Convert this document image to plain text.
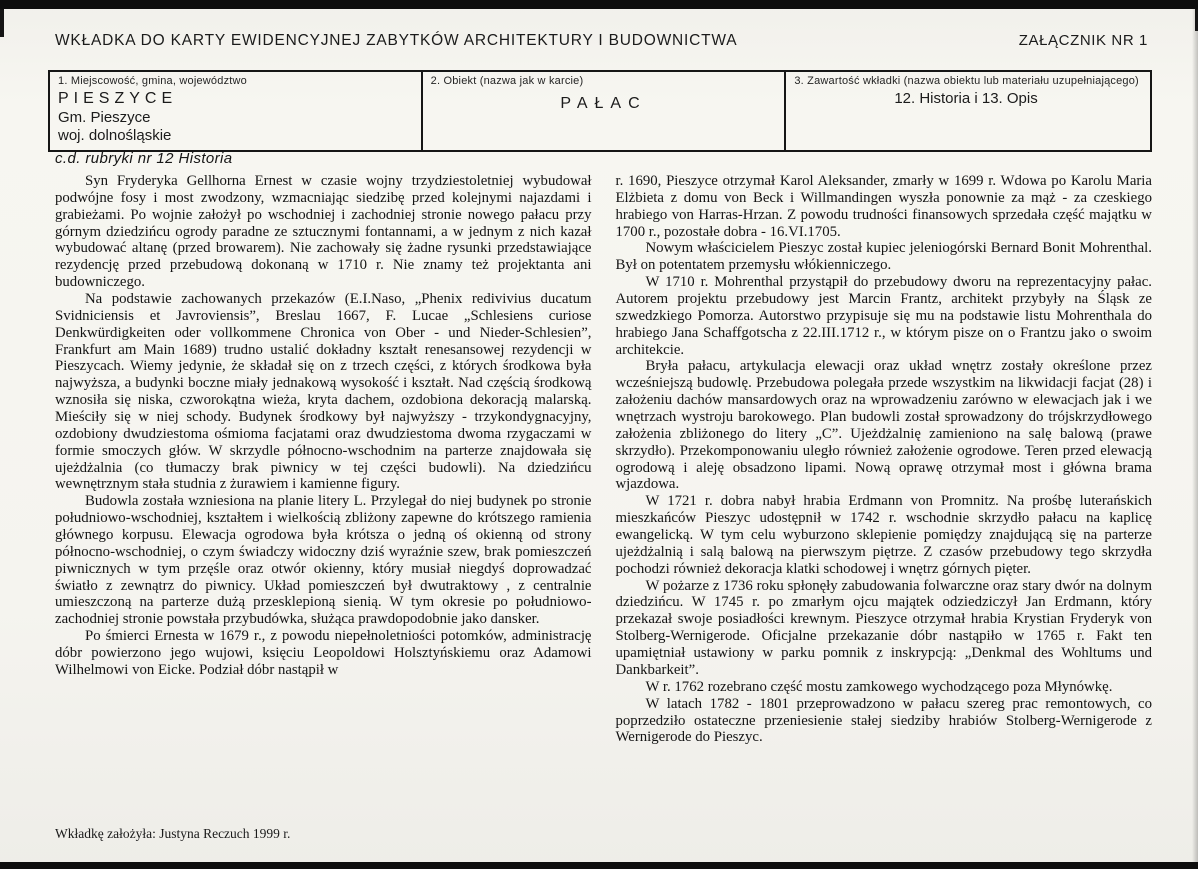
WKŁADKA DO KARTY EWIDENCYJNEJ ZABYTKÓW ARCHITEKTURY I BUDOWNICTWA	ZAŁĄCZNIK NR 1
1. Miejscowość, gmina, województwo
PIESZYCE
Gm. Pieszyce
woj. dolnośląskie
2. Obiekt (nazwa jak w karcie)
PAŁAC
3. Zawartość wkładki (nazwa obiektu lub materiału uzupełniającego)
12. Historia i 13. Opis
c.d. rubryki nr 12 Historia

Syn Fryderyka Gellhorna Ernest w czasie wojny trzydziestoletniej wybudował podwójne fosy i most zwodzony, wzmacniając siedzibę przed kolejnymi najazdami i grabieżami. Po wojnie założył po wschodniej i zachodniej stronie nowego pałacu przy górnym dziedzińcu ogrody paradne ze sztucznymi fontannami, a w jednym z nich kazał wybudować altanę (przed browarem). Nie zachowały się żadne rysunki przedstawiające rezydencję przed przebudową dokonaną w 1710 r. Nie znamy też projektanta ani budowniczego.

Na podstawie zachowanych przekazów (E.I.Naso, „Phenix redivivius ducatum Svidniciensis et Javroviensis”, Breslau 1667, F. Lucae „Schlesiens curiose Denkwürdigkeiten oder vollkommene Chronica von Ober - und Nieder-Schlesien”, Frankfurt am Main 1689) trudno ustalić dokładny kształt renesansowej rezydencji w Pieszycach. Wiemy jedynie, że składał się on z trzech części, z których środkowa była najwyższa, a budynki boczne miały jednakową wysokość i kształt. Nad częścią środkową wznosiła się niska, czworokątna wieża, kryta dachem, ozdobiona dekoracją malarską. Mieściły się w niej schody. Budynek środkowy był najwyższy - trzykondygnacyjny, ozdobiony dwudziestoma ośmioma facjatami oraz dwudziestoma dwoma rzygaczami w formie smoczych głów. W skrzydle północno-wschodnim na parterze znajdowała się ujeżdżalnia (co tłumaczy brak piwnicy w tej części budowli). Na dziedzińcu wewnętrznym stała studnia z żurawiem i kamienne figury.

Budowla została wzniesiona na planie litery L. Przylegał do niej budynek po stronie południowo-wschodniej, kształtem i wielkością zbliżony zapewne do krótszego ramienia głównego korpusu. Elewacja ogrodowa była krótsza o jedną oś okienną od strony północno-wschodniej, o czym świadczy widoczny dziś wyraźnie szew, brak pomieszczeń piwnicznych w tym przęśle oraz otwór okienny, który musiał niegdyś doprowadzać światło z zewnątrz do piwnicy. Układ pomieszczeń był dwutraktowy , z centralnie umieszczoną na parterze dużą przesklepioną sienią. W tym okresie po południowo-zachodniej stronie powstała przybudówka, służąca prawdopodobnie jako dansker.

Po śmierci Ernesta w 1679 r., z powodu niepełnoletniości potomków, administrację dóbr powierzono jego wujowi, księciu Leopoldowi Holsztyńskiemu oraz Adamowi Wilhelmowi von Eicke. Podział dóbr nastąpił w

r. 1690, Pieszyce otrzymał Karol Aleksander, zmarły w 1699 r. Wdowa po Karolu Maria Elżbieta z domu von Beck i Willmandingen wyszła ponownie za mąż - za czeskiego hrabiego von Harras-Hrzan. Z powodu trudności finansowych sprzedała część majątku w 1700 r., pozostałe dobra - 16.VI.1705.

Nowym właścicielem Pieszyc został kupiec jeleniogórski Bernard Bonit Mohrenthal. Był on potentatem przemysłu włókienniczego.

W 1710 r. Mohrenthal przystąpił do przebudowy dworu na reprezentacyjny pałac. Autorem projektu przebudowy jest Marcin Frantz, architekt przybyły na Śląsk ze szwedzkiego Pomorza. Autorstwo przypisuje się mu na podstawie listu Mohrenthala do hrabiego Jana Schaffgotscha z 22.III.1712 r., w którym pisze on o Frantzu jako o swoim architekcie.

Bryła pałacu, artykulacja elewacji oraz układ wnętrz zostały określone przez wcześniejszą budowlę. Przebudowa polegała przede wszystkim na likwidacji facjat (28) i założeniu dachów mansardowych oraz na wprowadzeniu zarówno w elewacjach jak i we wnętrzach wystroju barokowego. Plan budowli został sprowadzony do trójskrzydłowego założenia zbliżonego do litery „C”. Ujeżdżalnię zamieniono na salę balową (prawe skrzydło). Przekomponowaniu uległo również założenie ogrodowe. Teren przed elewacją ogrodową i aleję obsadzono lipami. Nową oprawę otrzymał most i główna brama wjazdowa.

W 1721 r. dobra nabył hrabia Erdmann von Promnitz. Na prośbę luterańskich mieszkańców Pieszyc udostępnił w 1742 r. wschodnie skrzydło pałacu na kaplicę ewangelicką. W tym celu wyburzono sklepienie pomiędzy znajdującą się na parterze ujeżdżalnią i salą balową na pierwszym piętrze. Z czasów przebudowy tego skrzydła pochodzi również dekoracja klatki schodowej i wnętrz górnych pięter.

W pożarze z 1736 roku spłonęły zabudowania folwarczne oraz stary dwór na dolnym dziedzińcu. W 1745 r. po zmarłym ojcu majątek odziedziczył Jan Erdmann, który przekazał swoje posiadłości krewnym. Pieszyce otrzymał hrabia Krystian Fryderyk von Stolberg-Wernigerode. Oficjalne przekazanie dóbr nastąpiło w 1765 r. Fakt ten upamiętniał ustawiony w parku pomnik z inskrypcją: „Denkmal des Wohltums und Dankbarkeit”.

W r. 1762 rozebrano część mostu zamkowego wychodzącego poza Młynówkę.

W latach 1782 - 1801 przeprowadzono w pałacu szereg prac remontowych, co poprzedziło ostateczne przeniesienie stałej siedziby hrabiów Stolberg-Wernigerode z Wernigerode do Pieszyc.

Wkładkę założyła: Justyna Reczuch 1999 r.
